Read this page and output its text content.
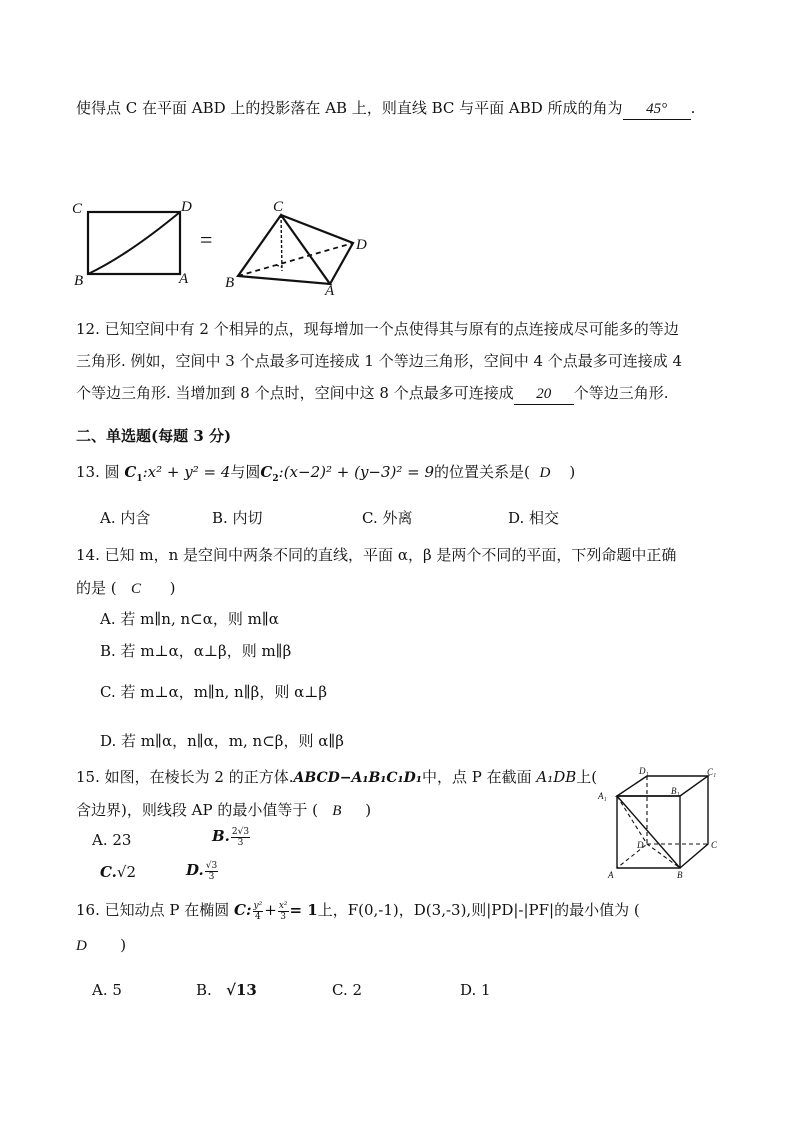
使得点 C 在平面 ABD 上的投影落在 AB 上，则直线 BC 与平面 ABD 所成的角为 45° .
C	D
B	A
=
C
D
B	A
12. 已知空间中有 2 个相异的点，现每增加一个点使得其与原有的点连接成尽可能多的等边
三角形. 例如，空间中 3 个点最多可连接成 1 个等边三角形，空间中 4 个点最多可连接成 4
个等边三角形. 当增加到 8 个点时，空间中这 8 个点最多可连接成 20 个等边三角形.
二、单选题(每题 3 分)
13. 圆 $C_1:x^2 + y^2 = 4$与圆$C_2:(x-2)^2 + (y-3)^2 = 9$的位置关系是( D )
A. 内含	B. 内切	C. 外离	D. 相交
14. 已知 m，n 是空间中两条不同的直线，平面 α，β 是两个不同的平面，下列命题中正确
的是 ( C )
A. 若 m∥n, n⊂α，则 m∥α
B. 若 m⊥α，α⊥β，则 m∥β
C. 若 m⊥α，m∥n, n∥β，则 α⊥β
D. 若 m∥α，n∥α，m, n⊂β，则 α∥β
15. 如图，在棱长为 2 的正方体.ABCD−A₁B₁C₁D₁中，点 P 在截面 A₁DB上(
含边界)，则线段 AP 的最小值等于 ( B )
A. 23	B. $\frac{2√3}{3}$
C.√2	D. $\frac{√3}{3}$
D₁	C₁
A₁	B₁
D	C
A	B
16. 已知动点 P 在椭圆 C: $\frac{\text{y²}}{4} + \frac{\text{x²}}{3} = 1$上，F(0,-1)，D(3,-3),则|PD|-|PF|的最小值为 (
D )
A. 5	B. √13	C. 2	D. 1
